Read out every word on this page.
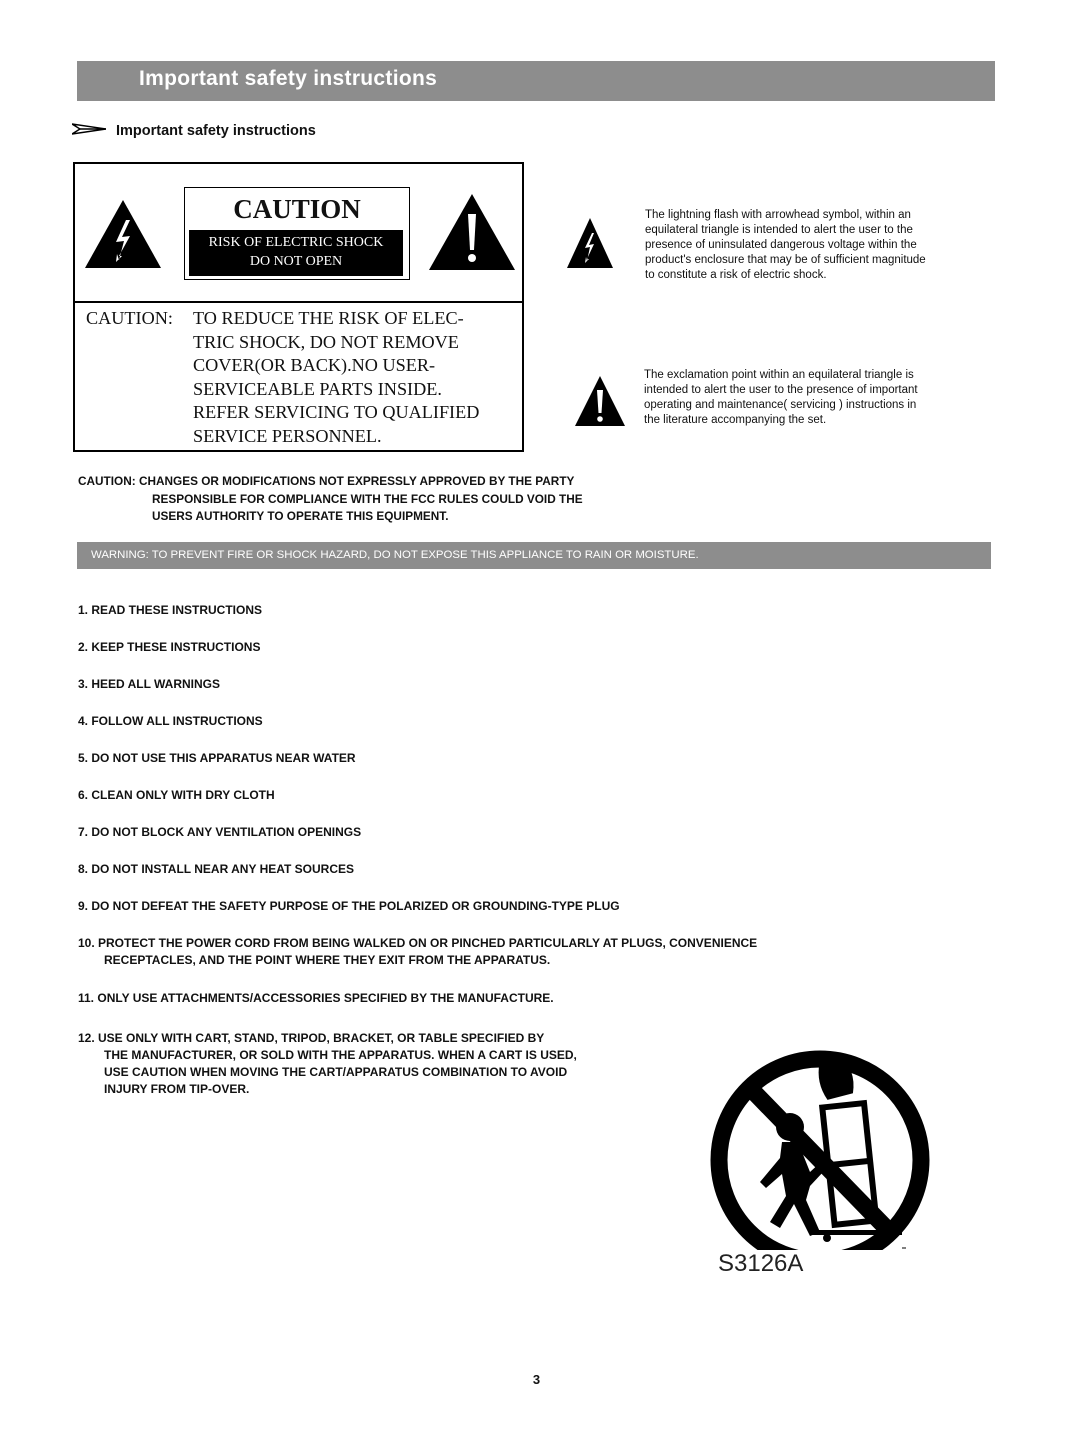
Important safety instructions
Important safety instructions
CAUTION
RISK OF ELECTRIC SHOCK
DO NOT OPEN
CAUTION: TO REDUCE THE RISK OF ELEC-
TRIC SHOCK, DO NOT REMOVE
COVER(OR BACK).NO USER-
SERVICEABLE PARTS INSIDE.
REFER SERVICING TO QUALIFIED
SERVICE PERSONNEL.
The lightning flash with arrowhead symbol, within an
equilateral triangle is intended to alert the user to the
presence of uninsulated dangerous voltage within the
product's enclosure that may be of sufficient magnitude
to constitute a risk of electric shock.
The exclamation point within an equilateral triangle is
intended to alert the user to the presence of important
operating and maintenance( servicing ) instructions in
the literature accompanying the set.
CAUTION: CHANGES OR MODIFICATIONS NOT EXPRESSLY APPROVED BY THE PARTY
RESPONSIBLE FOR COMPLIANCE WITH THE FCC RULES COULD VOID THE
USERS AUTHORITY TO OPERATE THIS EQUIPMENT.
WARNING: TO PREVENT FIRE OR SHOCK HAZARD, DO NOT EXPOSE THIS APPLIANCE TO RAIN OR MOISTURE.
1. READ THESE INSTRUCTIONS
2. KEEP THESE INSTRUCTIONS
3. HEED ALL WARNINGS
4. FOLLOW ALL INSTRUCTIONS
5. DO NOT USE THIS APPARATUS NEAR WATER
6. CLEAN ONLY WITH DRY CLOTH
7. DO NOT BLOCK ANY VENTILATION OPENINGS
8. DO NOT INSTALL NEAR ANY HEAT SOURCES
9. DO NOT DEFEAT THE SAFETY PURPOSE OF THE POLARIZED OR GROUNDING-TYPE PLUG
10. PROTECT THE POWER CORD FROM BEING WALKED ON OR PINCHED PARTICULARLY AT PLUGS, CONVENIENCE
RECEPTACLES, AND THE POINT WHERE THEY EXIT FROM THE APPARATUS.
11. ONLY USE ATTACHMENTS/ACCESSORIES SPECIFIED BY THE MANUFACTURE.
12. USE ONLY WITH CART, STAND, TRIPOD, BRACKET, OR TABLE SPECIFIED BY
THE MANUFACTURER, OR SOLD WITH THE APPARATUS. WHEN A CART IS USED,
USE CAUTION WHEN MOVING THE CART/APPARATUS COMBINATION TO AVOID
INJURY FROM TIP-OVER.
S3126A
3
